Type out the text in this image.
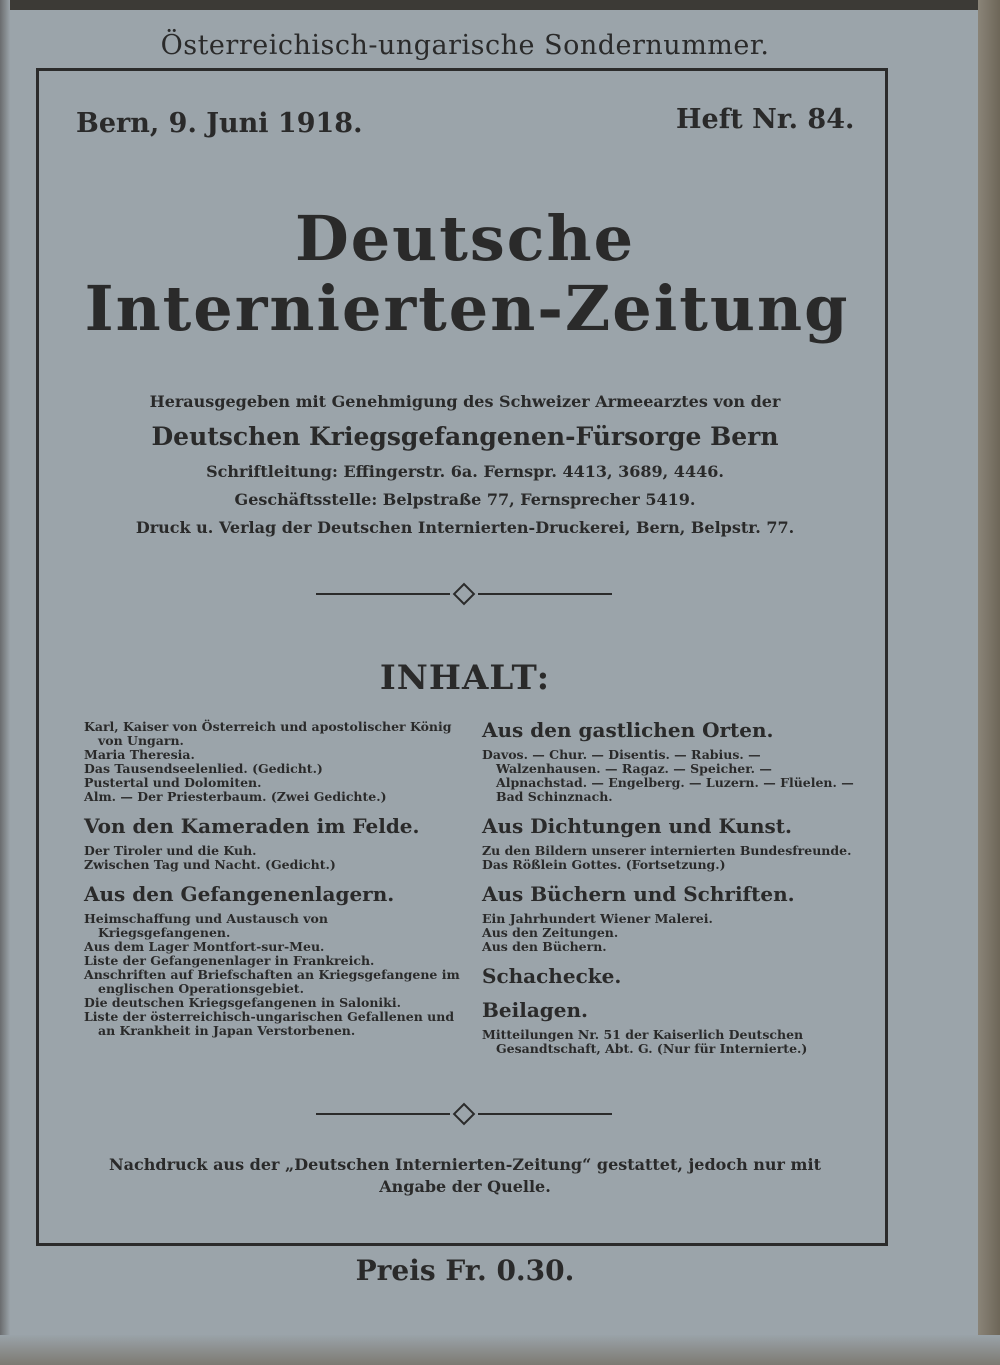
Österreichisch-ungarische Sondernummer.
Bern, 9. Juni 1918.	Heft Nr. 84.
Deutsche
Internierten-Zeitung
Herausgegeben mit Genehmigung des Schweizer Armeearztes von der
Deutschen Kriegsgefangenen-Fürsorge Bern
Schriftleitung: Effingerstr. 6a. Fernspr. 4413, 3689, 4446.
Geschäftsstelle: Belpstraße 77, Fernsprecher 5419.
Druck u. Verlag der Deutschen Internierten-Druckerei, Bern, Belpstr. 77.
INHALT:
Karl, Kaiser von Österreich und apostolischer König von Ungarn.
Maria Theresia.
Das Tausendseelenlied. (Gedicht.)
Pustertal und Dolomiten.
Alm. — Der Priesterbaum. (Zwei Gedichte.)
Von den Kameraden im Felde.
Der Tiroler und die Kuh.
Zwischen Tag und Nacht. (Gedicht.)
Aus den Gefangenenlagern.
Heimschaffung und Austausch von Kriegsgefangenen.
Aus dem Lager Montfort-sur-Meu.
Liste der Gefangenenlager in Frankreich.
Anschriften auf Briefschaften an Kriegsgefangene im englischen Operationsgebiet.
Die deutschen Kriegsgefangenen in Saloniki.
Liste der österreichisch-ungarischen Gefallenen und an Krankheit in Japan Verstorbenen.
Aus den gastlichen Orten.
Davos. — Chur. — Disentis. — Rabius. — Walzenhausen. — Ragaz. — Speicher. — Alpnachstad. — Engelberg. — Luzern. — Flüelen. — Bad Schinznach.
Aus Dichtungen und Kunst.
Zu den Bildern unserer internierten Bundesfreunde.
Das Rößlein Gottes. (Fortsetzung.)
Aus Büchern und Schriften.
Ein Jahrhundert Wiener Malerei.
Aus den Zeitungen.
Aus den Büchern.
Schachecke.
Beilagen.
Mitteilungen Nr. 51 der Kaiserlich Deutschen Gesandtschaft, Abt. G. (Nur für Internierte.)
Nachdruck aus der „Deutschen Internierten-Zeitung“ gestattet, jedoch nur mit Angabe der Quelle.
Preis Fr. 0.30.
